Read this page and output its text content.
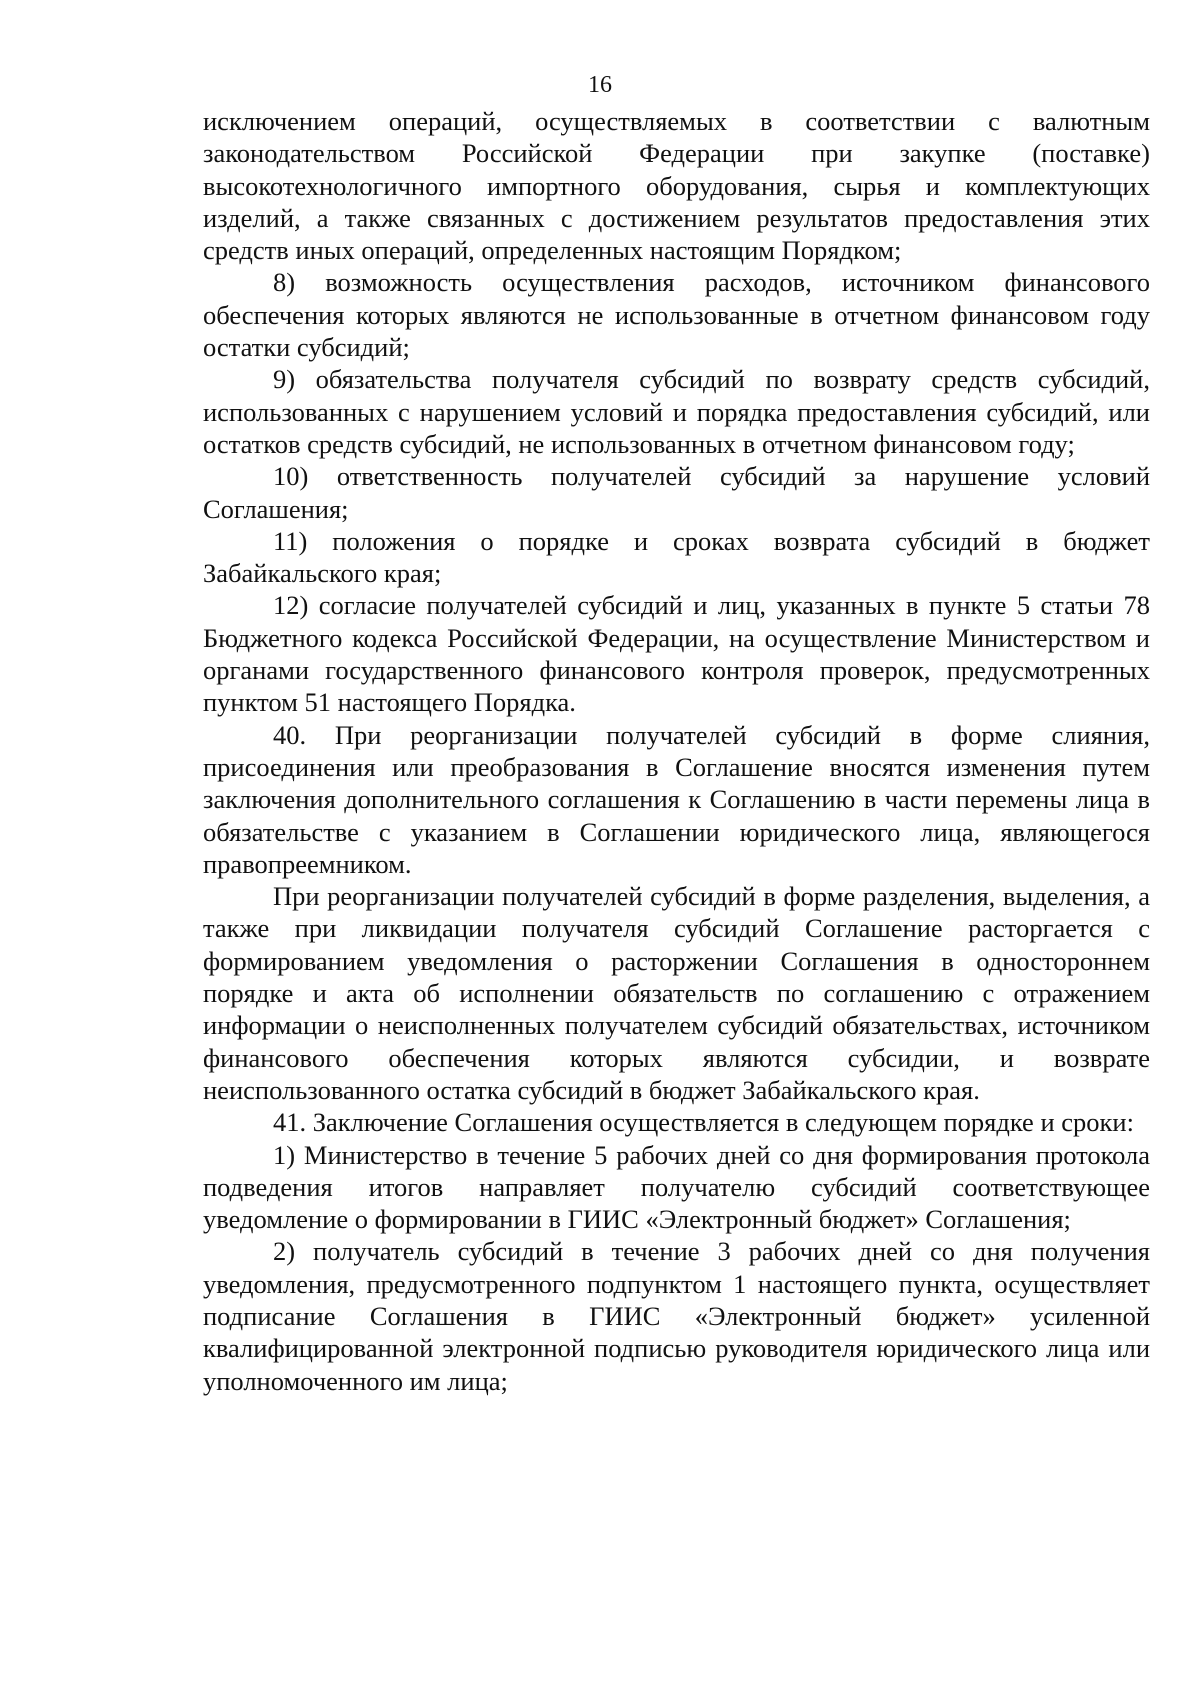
16

исключением операций, осуществляемых в соответствии с валютным законодательством Российской Федерации при закупке (поставке) высокотехнологичного импортного оборудования, сырья и комплектующих изделий, а также связанных с достижением результатов предоставления этих средств иных операций, определенных настоящим Порядком;

8) возможность осуществления расходов, источником финансового обеспечения которых являются не использованные в отчетном финансовом году остатки субсидий;

9) обязательства получателя субсидий по возврату средств субсидий, использованных с нарушением условий и порядка предоставления субсидий, или остатков средств субсидий, не использованных в отчетном финансовом году;

10) ответственность получателей субсидий за нарушение условий Соглашения;

11) положения о порядке и сроках возврата субсидий в бюджет Забайкальского края;

12) согласие получателей субсидий и лиц, указанных в пункте 5 статьи 78 Бюджетного кодекса Российской Федерации, на осуществление Министерством и органами государственного финансового контроля проверок, предусмотренных пунктом 51 настоящего Порядка.

40. При реорганизации получателей субсидий в форме слияния, присоединения или преобразования в Соглашение вносятся изменения путем заключения дополнительного соглашения к Соглашению в части перемены лица в обязательстве с указанием в Соглашении юридического лица, являющегося правопреемником.

При реорганизации получателей субсидий в форме разделения, выделения, а также при ликвидации получателя субсидий Соглашение расторгается с формированием уведомления о расторжении Соглашения в одностороннем порядке и акта об исполнении обязательств по соглашению с отражением информации о неисполненных получателем субсидий обязательствах, источником финансового обеспечения которых являются субсидии, и возврате неиспользованного остатка субсидий в бюджет Забайкальского края.

41. Заключение Соглашения осуществляется в следующем порядке и сроки:

1) Министерство в течение 5 рабочих дней со дня формирования протокола подведения итогов направляет получателю субсидий соответствующее уведомление о формировании в ГИИС «Электронный бюджет» Соглашения;

2) получатель субсидий в течение 3 рабочих дней со дня получения уведомления, предусмотренного подпунктом 1 настоящего пункта, осуществляет подписание Соглашения в ГИИС «Электронный бюджет» усиленной квалифицированной электронной подписью руководителя юридического лица или уполномоченного им лица;
